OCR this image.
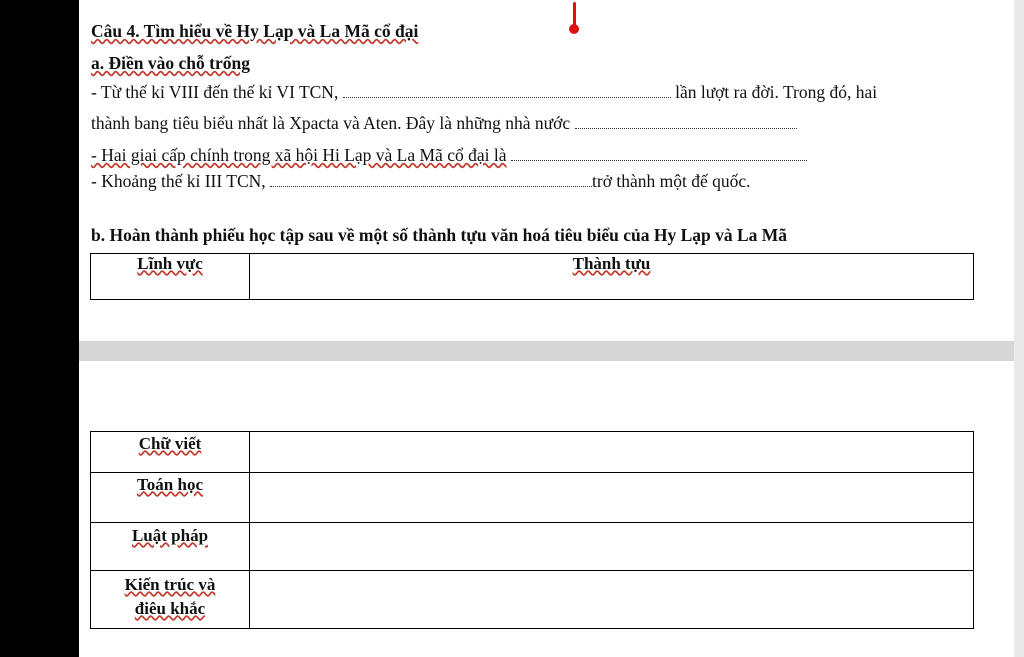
Câu 4. Tìm hiểu về Hy Lạp và La Mã cổ đại
a. Điền vào chỗ trống
- Từ thế kỉ VIII đến thế kỉ VI TCN,	lần lượt ra đời. Trong đó, hai
thành bang tiêu biểu nhất là Xpacta và Aten. Đây là những nhà nước
- Hai giai cấp chính trong xã hội Hi Lạp và La Mã cổ đại là
- Khoảng thế kỉ III TCN,	trở thành một đế quốc.
b. Hoàn thành phiếu học tập sau về một số thành tựu văn hoá tiêu biểu của Hy Lạp và La Mã
Lĩnh vực	Thành tựu
Chữ viết	
Toán học	
Luật pháp	
Kiến trúc và
điêu khắc	
